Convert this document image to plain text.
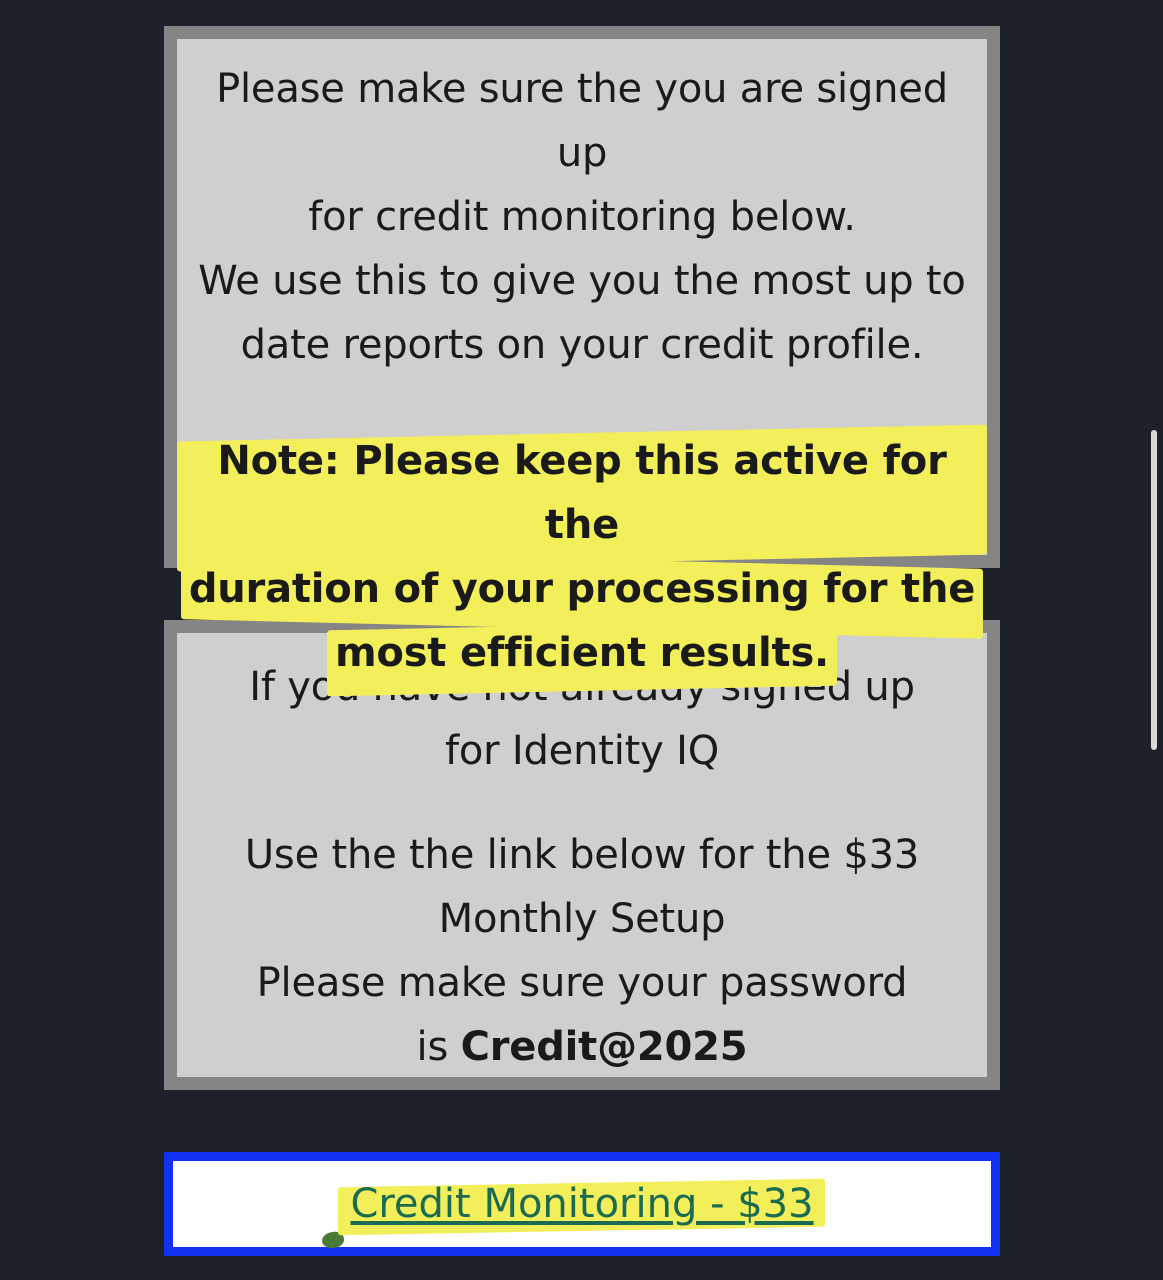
Please make sure the you are signed up
for credit monitoring below.
We use this to give you the most up to
date reports on your credit profile.
Note: Please keep this active for the
duration of your processing for the
most efficient results.
If you have not already signed up
for Identity IQ
Use the the link below for the $33
Monthly Setup
Please make sure your password
is Credit@2025
Credit Monitoring - $33
